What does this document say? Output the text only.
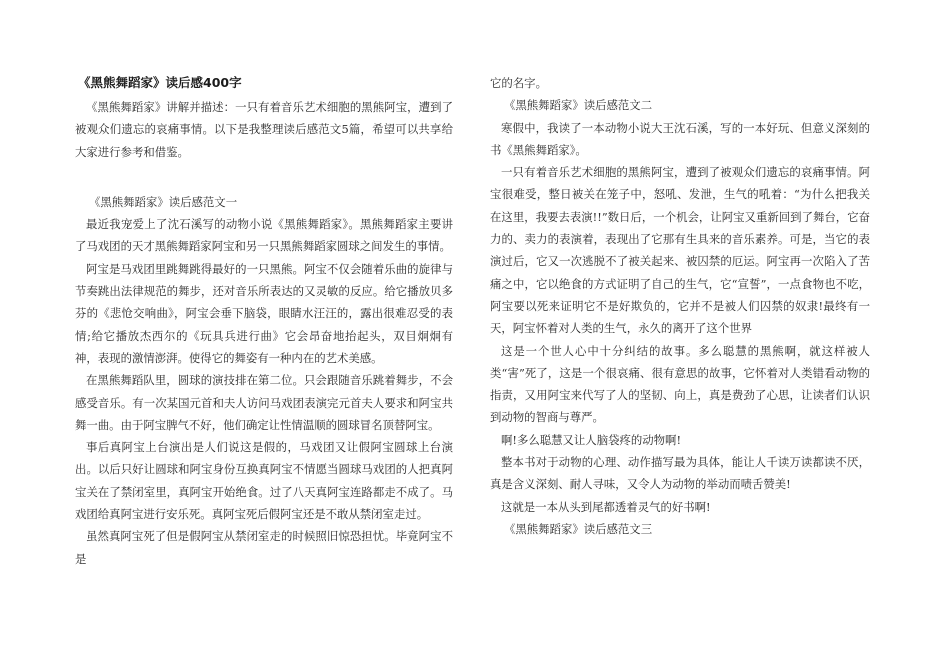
《黑熊舞蹈家》读后感400字

《黑熊舞蹈家》讲解并描述：一只有着音乐艺术细胞的黑熊阿宝，遭到了被观众们遗忘的哀痛事情。以下是我整理读后感范文5篇，希望可以共享给大家进行参考和借鉴。

《黑熊舞蹈家》读后感范文一

最近我宠爱上了沈石溪写的动物小说《黑熊舞蹈家》。黑熊舞蹈家主要讲了马戏团的天才黑熊舞蹈家阿宝和另一只黑熊舞蹈家圆球之间发生的事情。

阿宝是马戏团里跳舞跳得最好的一只黑熊。阿宝不仅会随着乐曲的旋律与节奏跳出法律规范的舞步，还对音乐所表达的又灵敏的反应。给它播放贝多芬的《悲怆交响曲》，阿宝会垂下脑袋，眼睛水汪汪的，露出很难忍受的表情;给它播放杰西尔的《玩具兵进行曲》它会昂奋地抬起头，双目炯炯有神，表现的激情澎湃。使得它的舞姿有一种内在的艺术美感。

在黑熊舞蹈队里，圆球的演技排在第二位。只会跟随音乐跳着舞步，不会感受音乐。有一次某国元首和夫人访问马戏团表演完元首夫人要求和阿宝共舞一曲。由于阿宝脾气不好，他们确定让性情温顺的圆球冒名顶替阿宝。

事后真阿宝上台演出是人们说这是假的，马戏团又让假阿宝圆球上台演出。以后只好让圆球和阿宝身份互换真阿宝不情愿当圆球马戏团的人把真阿宝关在了禁闭室里，真阿宝开始绝食。过了八天真阿宝连路都走不成了。马戏团给真阿宝进行安乐死。真阿宝死后假阿宝还是不敢从禁闭室走过。

虽然真阿宝死了但是假阿宝从禁闭室走的时候照旧惊恐担忧。毕竟阿宝不是

它的名字。

《黑熊舞蹈家》读后感范文二

寒假中，我读了一本动物小说大王沈石溪，写的一本好玩、但意义深刻的书《黑熊舞蹈家》。

一只有着音乐艺术细胞的黑熊阿宝，遭到了被观众们遗忘的哀痛事情。阿宝很难受，整日被关在笼子中，怒吼、发泄，生气的吼着：“为什么把我关在这里，我要去表演!!”数日后，一个机会，让阿宝又重新回到了舞台，它奋力的、卖力的表演着，表现出了它那有生具来的音乐素养。可是，当它的表演过后，它又一次逃脱不了被关起来、被囚禁的厄运。阿宝再一次陷入了苦痛之中，它以绝食的方式证明了自己的生气，它“宣誓”，一点食物也不吃，阿宝要以死来证明它不是好欺负的，它并不是被人们囚禁的奴隶!最终有一天，阿宝怀着对人类的生气，永久的离开了这个世界

这是一个世人心中十分纠结的故事。多么聪慧的黑熊啊，就这样被人类“害”死了，这是一个很哀痛、很有意思的故事，它怀着对人类错看动物的指责，又用阿宝来代写了人的坚韧、向上，真是费劲了心思，让读者们认识到动物的智商与尊严。

啊!多么聪慧又让人脑袋疼的动物啊!

整本书对于动物的心理、动作描写最为具体，能让人千读万读都读不厌，真是含义深刻、耐人寻味，又令人为动物的举动而啧舌赞美!

这就是一本从头到尾都透着灵气的好书啊!

《黑熊舞蹈家》读后感范文三
